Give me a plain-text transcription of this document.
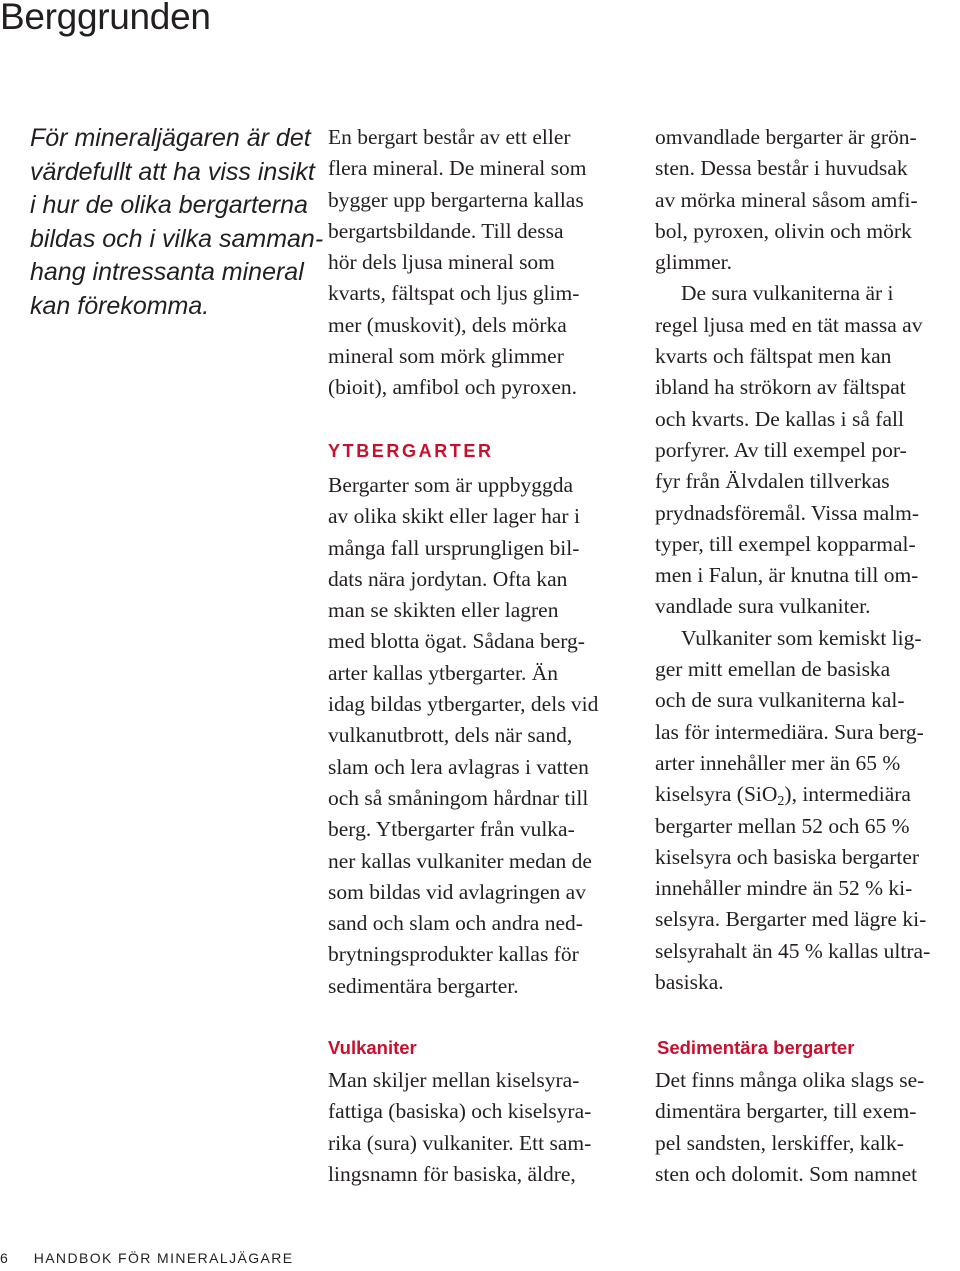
Berggrunden
För mineraljägaren är det
värdefullt att ha viss insikt
i hur de olika bergarterna
bildas och i vilka samman-
hang intressanta mineral
kan förekomma.
En bergart består av ett eller
flera mineral. De mineral som
bygger upp bergarterna kallas
bergartsbildande. Till dessa
hör dels ljusa mineral som
kvarts, fältspat och ljus glim-
mer (muskovit), dels mörka
mineral som mörk glimmer
(bioit), amfibol och pyroxen.
YTBERGARTER
Bergarter som är uppbyggda
av olika skikt eller lager har i
många fall ursprungligen bil-
dats nära jordytan. Ofta kan
man se skikten eller lagren
med blotta ögat. Sådana berg-
arter kallas ytbergarter. Än
idag bildas ytbergarter, dels vid
vulkanutbrott, dels när sand,
slam och lera avlagras i vatten
och så småningom hårdnar till
berg. Ytbergarter från vulka-
ner kallas vulkaniter medan de
som bildas vid avlagringen av
sand och slam och andra ned-
brytningsprodukter kallas för
sedimentära bergarter.
Vulkaniter
Man skiljer mellan kiselsyra-
fattiga (basiska) och kiselsyra-
rika (sura) vulkaniter. Ett sam-
lingsnamn för basiska, äldre,
omvandlade bergarter är grön-
sten. Dessa består i huvudsak
av mörka mineral såsom amfi-
bol, pyroxen, olivin och mörk
glimmer.
De sura vulkaniterna är i
regel ljusa med en tät massa av
kvarts och fältspat men kan
ibland ha strökorn av fältspat
och kvarts. De kallas i så fall
porfyrer. Av till exempel por-
fyr från Älvdalen tillverkas
prydnadsföremål. Vissa malm-
typer, till exempel kopparmal-
men i Falun, är knutna till om-
vandlade sura vulkaniter.
Vulkaniter som kemiskt lig-
ger mitt emellan de basiska
och de sura vulkaniterna kal-
las för intermediära. Sura berg-
arter innehåller mer än 65 %
kiselsyra (SiO$_2$), intermediära
bergarter mellan 52 och 65 %
kiselsyra och basiska bergarter
innehåller mindre än 52 % ki-
selsyra. Bergarter med lägre ki-
selsyrahalt än 45 % kallas ultra-
basiska.
Sedimentära bergarter
Det finns många olika slags se-
dimentära bergarter, till exem-
pel sandsten, lerskiffer, kalk-
sten och dolomit. Som namnet
6 HANDBOK FÖR MINERALJÄGARE
